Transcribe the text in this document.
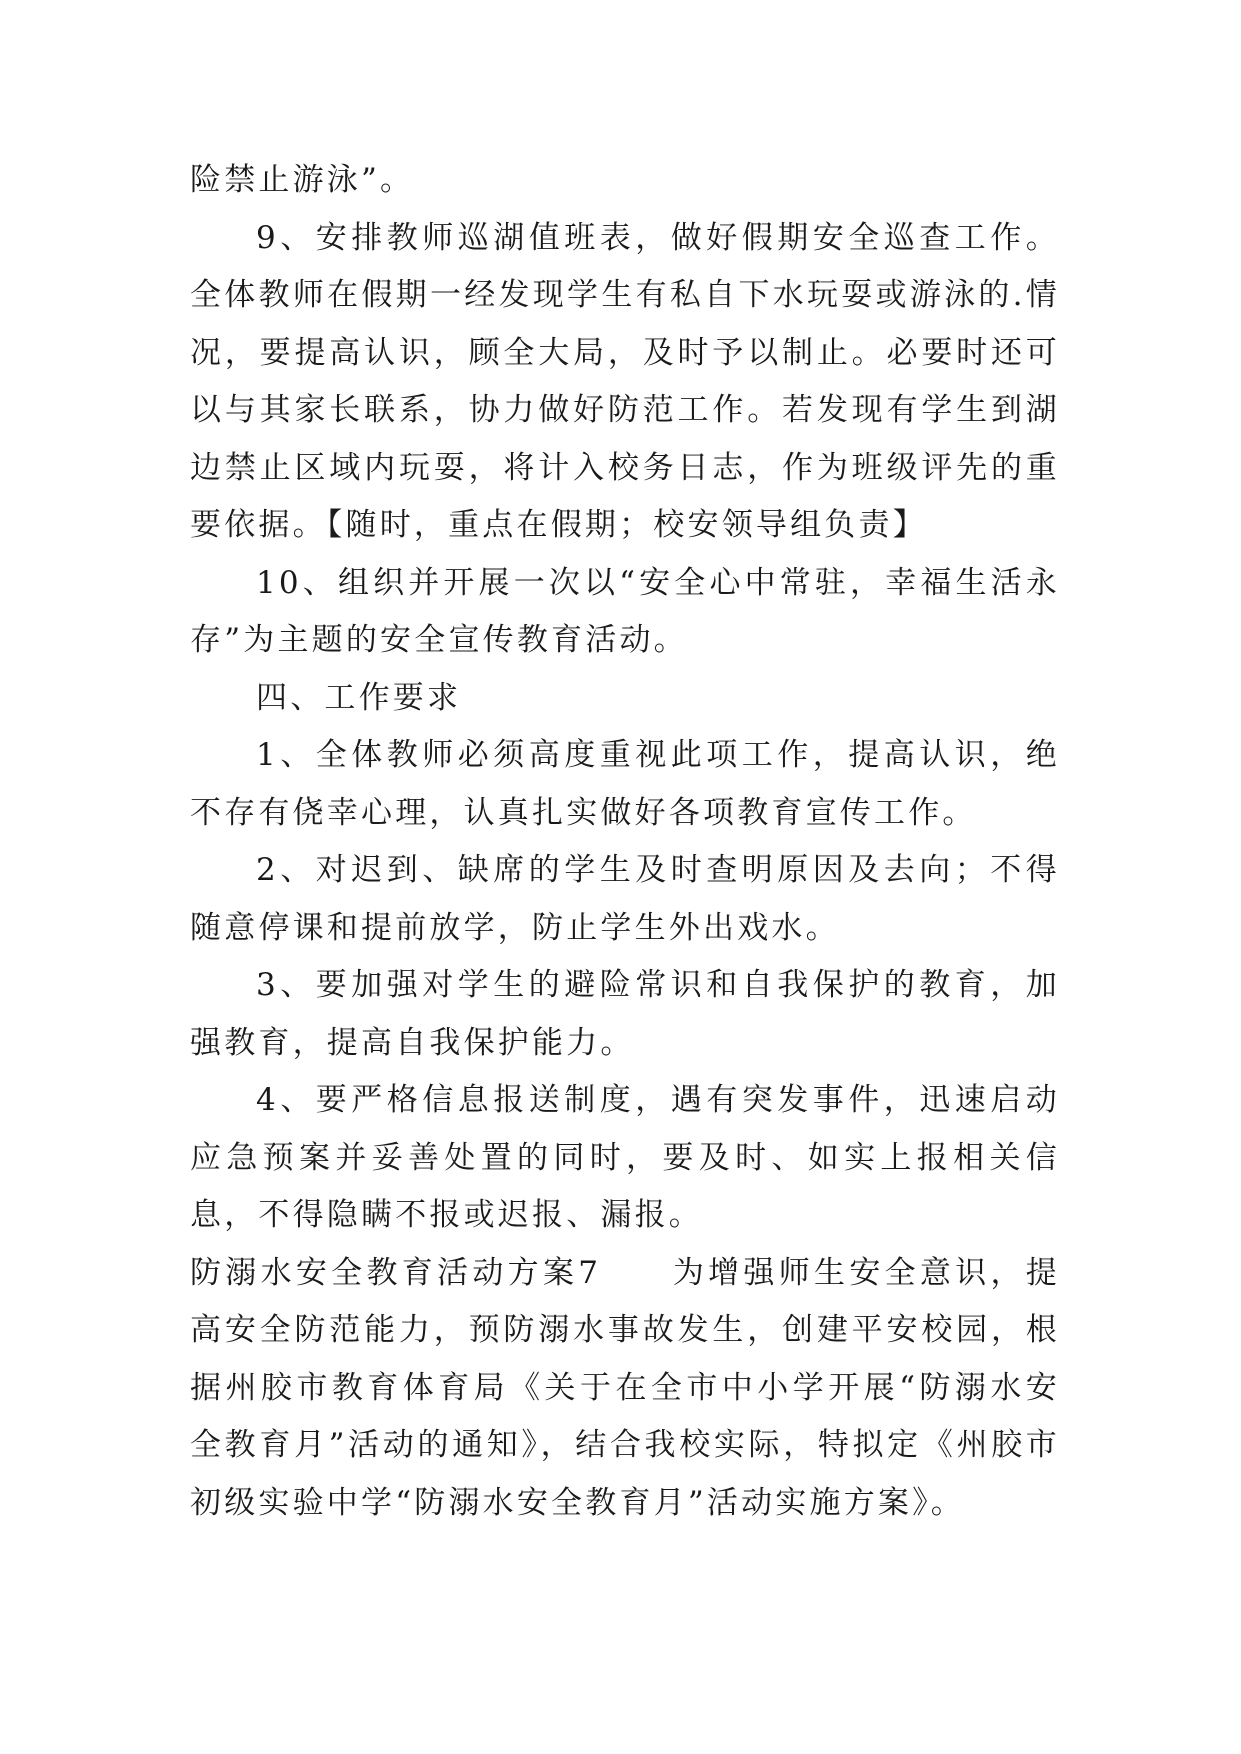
险禁止游泳”。

9、安排教师巡湖值班表，做好假期安全巡查工作。全体教师在假期一经发现学生有私自下水玩耍或游泳的.情况，要提高认识，顾全大局，及时予以制止。必要时还可以与其家长联系，协力做好防范工作。若发现有学生到湖边禁止区域内玩耍，将计入校务日志，作为班级评先的重要依据。【随时，重点在假期；校安领导组负责】

10、组织并开展一次以“安全心中常驻，幸福生活永存”为主题的安全宣传教育活动。

四、工作要求

1、全体教师必须高度重视此项工作，提高认识，绝不存有侥幸心理，认真扎实做好各项教育宣传工作。

2、对迟到、缺席的学生及时查明原因及去向；不得随意停课和提前放学，防止学生外出戏水。

3、要加强对学生的避险常识和自我保护的教育，加强教育，提高自我保护能力。

4、要严格信息报送制度，遇有突发事件，迅速启动应急预案并妥善处置的同时，要及时、如实上报相关信息，不得隐瞒不报或迟报、漏报。

防溺水安全教育活动方案7　　为增强师生安全意识，提高安全防范能力，预防溺水事故发生，创建平安校园，根据州胶市教育体育局《关于在全市中小学开展“防溺水安全教育月”活动的通知》，结合我校实际，特拟定《州胶市初级实验中学“防溺水安全教育月”活动实施方案》。
